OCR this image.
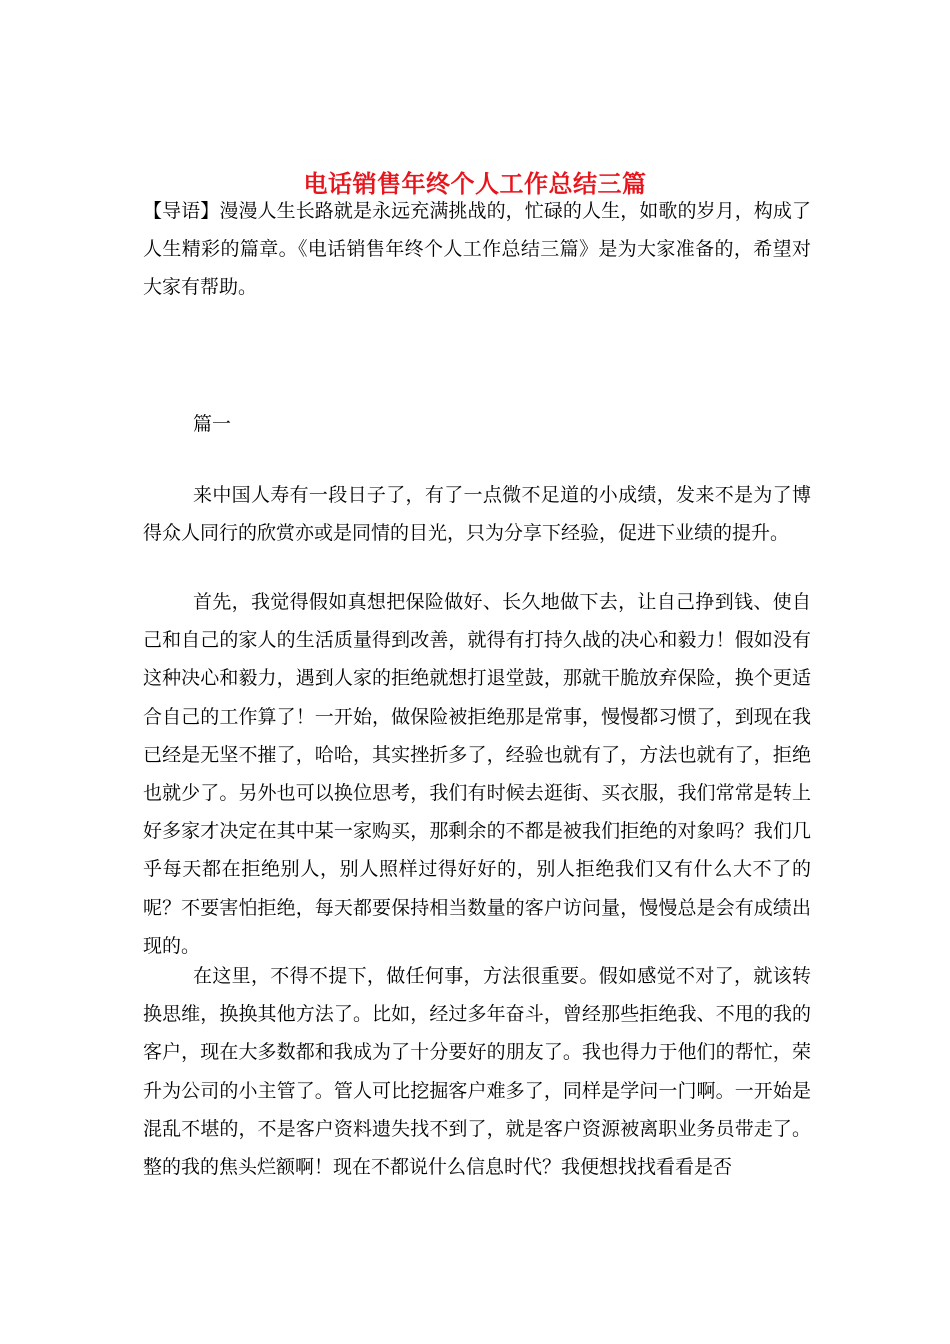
电话销售年终个人工作总结三篇

【导语】漫漫人生长路就是永远充满挑战的，忙碌的人生，如歌的岁月，构成了人生精彩的篇章。《电话销售年终个人工作总结三篇》是为大家准备的，希望对大家有帮助。

篇一

来中国人寿有一段日子了，有了一点微不足道的小成绩，发来不是为了博得众人同行的欣赏亦或是同情的目光，只为分享下经验，促进下业绩的提升。

首先，我觉得假如真想把保险做好、长久地做下去，让自己挣到钱、使自己和自己的家人的生活质量得到改善，就得有打持久战的决心和毅力！假如没有这种决心和毅力，遇到人家的拒绝就想打退堂鼓，那就干脆放弃保险，换个更适合自己的工作算了！一开始，做保险被拒绝那是常事，慢慢都习惯了，到现在我已经是无坚不摧了，哈哈，其实挫折多了，经验也就有了，方法也就有了，拒绝也就少了。另外也可以换位思考，我们有时候去逛街、买衣服，我们常常是转上好多家才决定在其中某一家购买，那剩余的不都是被我们拒绝的对象吗？我们几乎每天都在拒绝别人，别人照样过得好好的，别人拒绝我们又有什么大不了的呢？不要害怕拒绝，每天都要保持相当数量的客户访问量，慢慢总是会有成绩出现的。

在这里，不得不提下，做任何事，方法很重要。假如感觉不对了，就该转换思维，换换其他方法了。比如，经过多年奋斗，曾经那些拒绝我、不甩的我的客户，现在大多数都和我成为了十分要好的朋友了。我也得力于他们的帮忙，荣升为公司的小主管了。管人可比挖掘客户难多了，同样是学问一门啊。一开始是混乱不堪的，不是客户资料遗失找不到了，就是客户资源被离职业务员带走了。整的我的焦头烂额啊！现在不都说什么信息时代？我便想找找看看是否
